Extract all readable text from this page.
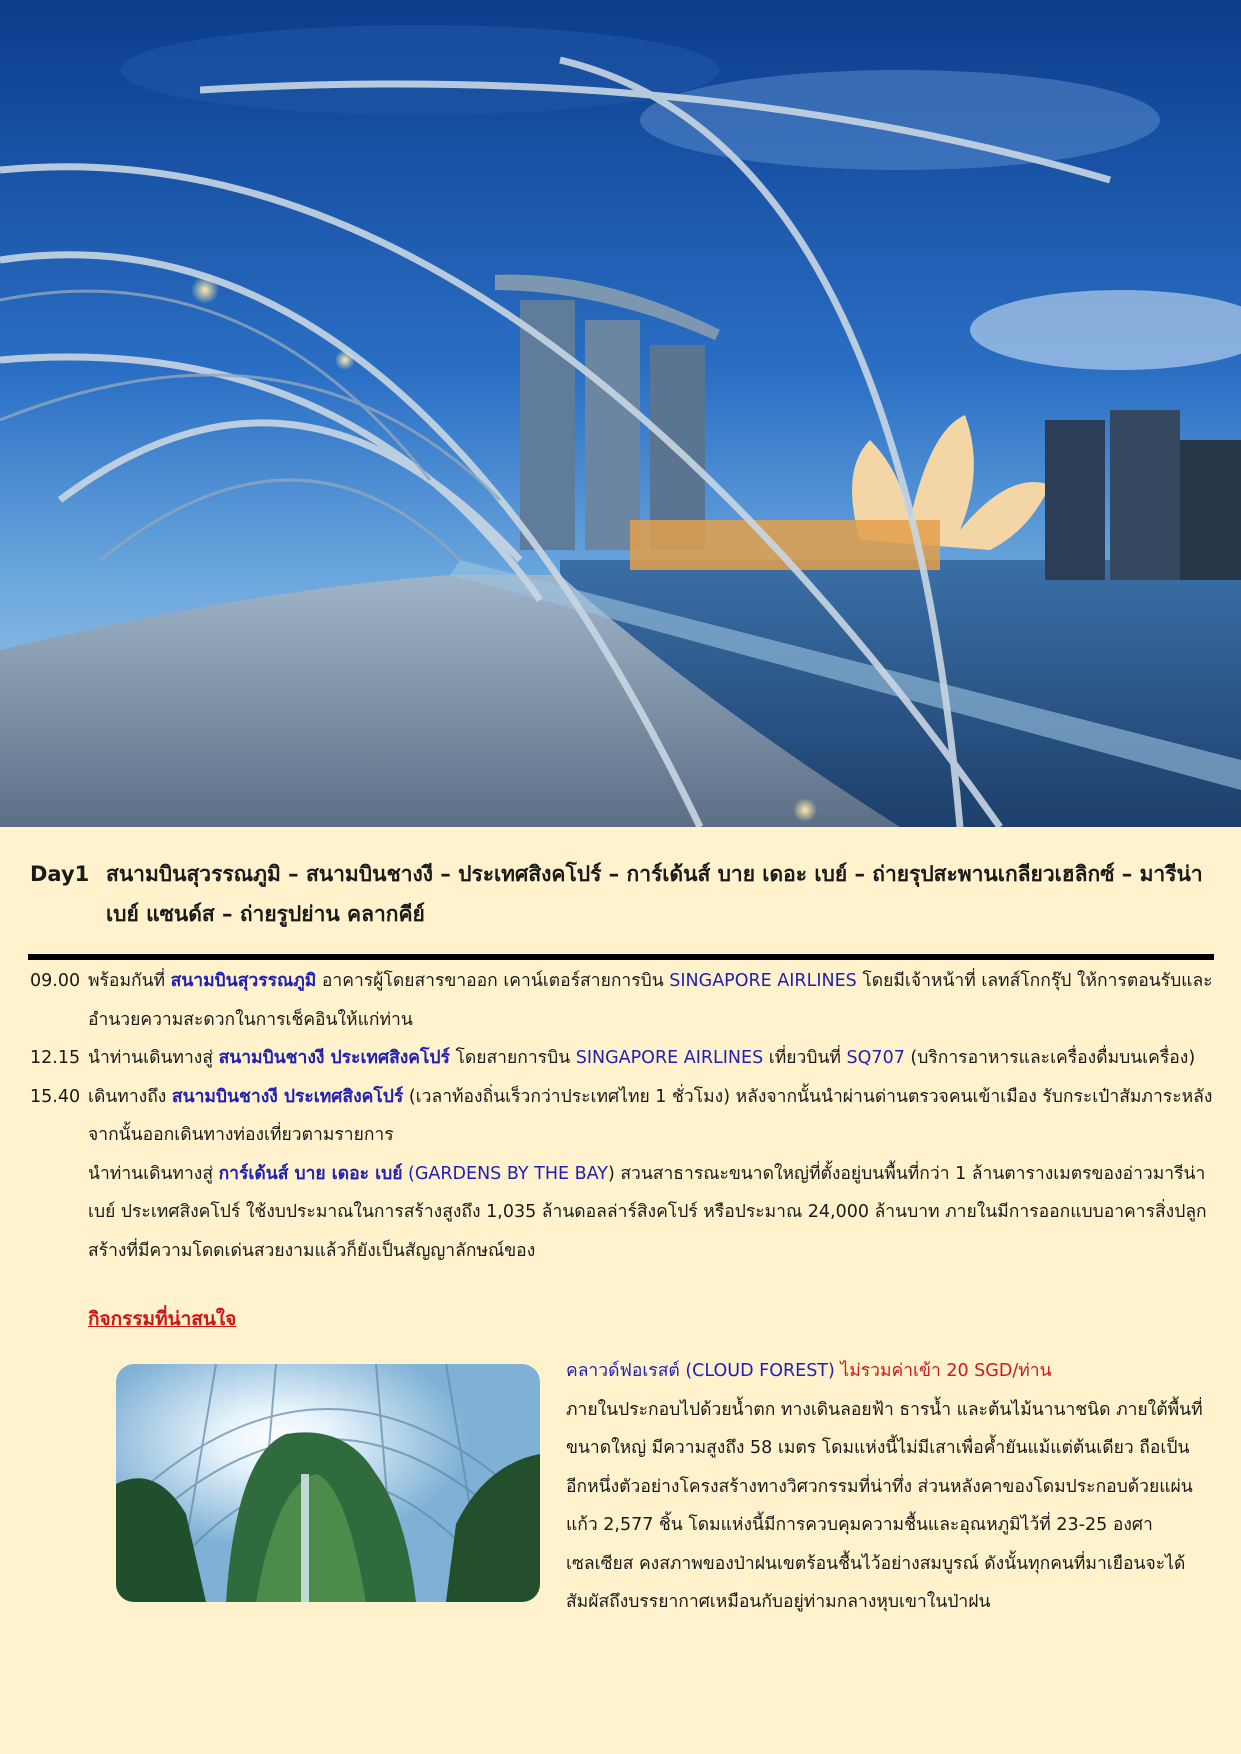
Day1 สนามบินสุวรรณภูมิ – สนามบินชางงี – ประเทศสิงคโปร์ – การ์เด้นส์ บาย เดอะ เบย์ – ถ่ายรุปสะพานเกลียวเฮลิกซ์ – มารีน่า เบย์ แซนด์ส – ถ่ายรูปย่าน คลากคีย์
09.00 พร้อมกันที่ สนามบินสุวรรณภูมิ อาคารผู้โดยสารขาออก เคาน์เตอร์สายการบิน SINGAPORE AIRLINES โดยมีเจ้าหน้าที่ เลทส์โกกรุ๊ป ให้การตอนรับและ อำนวยความสะดวกในการเช็คอินให้แก่ท่าน
12.15 นำท่านเดินทางสู่ สนามบินชางงี ประเทศสิงคโปร์ โดยสายการบิน SINGAPORE AIRLINES เที่ยวบินที่ SQ707 (บริการอาหารและเครื่องดื่มบนเครื่อง)
15.40 เดินทางถึง สนามบินชางงี ประเทศสิงคโปร์ (เวลาท้องถิ่นเร็วกว่าประเทศไทย 1 ชั่วโมง) หลังจากนั้นนำผ่านด่านตรวจคนเข้าเมือง รับกระเป๋าสัมภาระหลังจากนั้นออกเดินทางท่องเที่ยวตามรายการ
นำท่านเดินทางสู่ การ์เด้นส์ บาย เดอะ เบย์ (GARDENS BY THE BAY) สวนสาธารณะขนาดใหญ่ที่ตั้งอยู่บนพื้นที่กว่า 1 ล้านตารางเมตรของอ่าวมารีน่า เบย์ ประเทศสิงคโปร์ ใช้งบประมาณในการสร้างสูงถึง 1,035 ล้านดอลล่าร์สิงคโปร์ หรือประมาณ 24,000 ล้านบาท ภายในมีการออกแบบอาคารสิ่งปลูกสร้างที่มีความโดดเด่นสวยงามแล้วก็ยังเป็นสัญญาลักษณ์ของ
กิจกรรมที่น่าสนใจ
คลาวด์ฟอเรสต์ (CLOUD FOREST) ไม่รวมค่าเข้า 20 SGD/ท่าน
ภายในประกอบไปด้วยน้ำตก ทางเดินลอยฟ้า ธารน้ำ และต้นไม้นานาชนิด ภายใต้พื้นที่ขนาดใหญ่ มีความสูงถึง 58 เมตร โดมแห่งนี้ไม่มีเสาเพื่อค้ำยันแม้แต่ต้นเดียว ถือเป็นอีกหนึ่งตัวอย่างโครงสร้างทางวิศวกรรมที่น่าทึ่ง ส่วนหลังคาของโดมประกอบด้วยแผ่นแก้ว 2,577 ชิ้น โดมแห่งนี้มีการควบคุมความชื้นและอุณหภูมิไว้ที่ 23-25 องศาเซลเซียส คงสภาพของป่าฝนเขตร้อนชื้นไว้อย่างสมบูรณ์ ดังนั้นทุกคนที่มาเยือนจะได้สัมผัสถึงบรรยากาศเหมือนกับอยู่ท่ามกลางหุบเขาในป่าฝน
